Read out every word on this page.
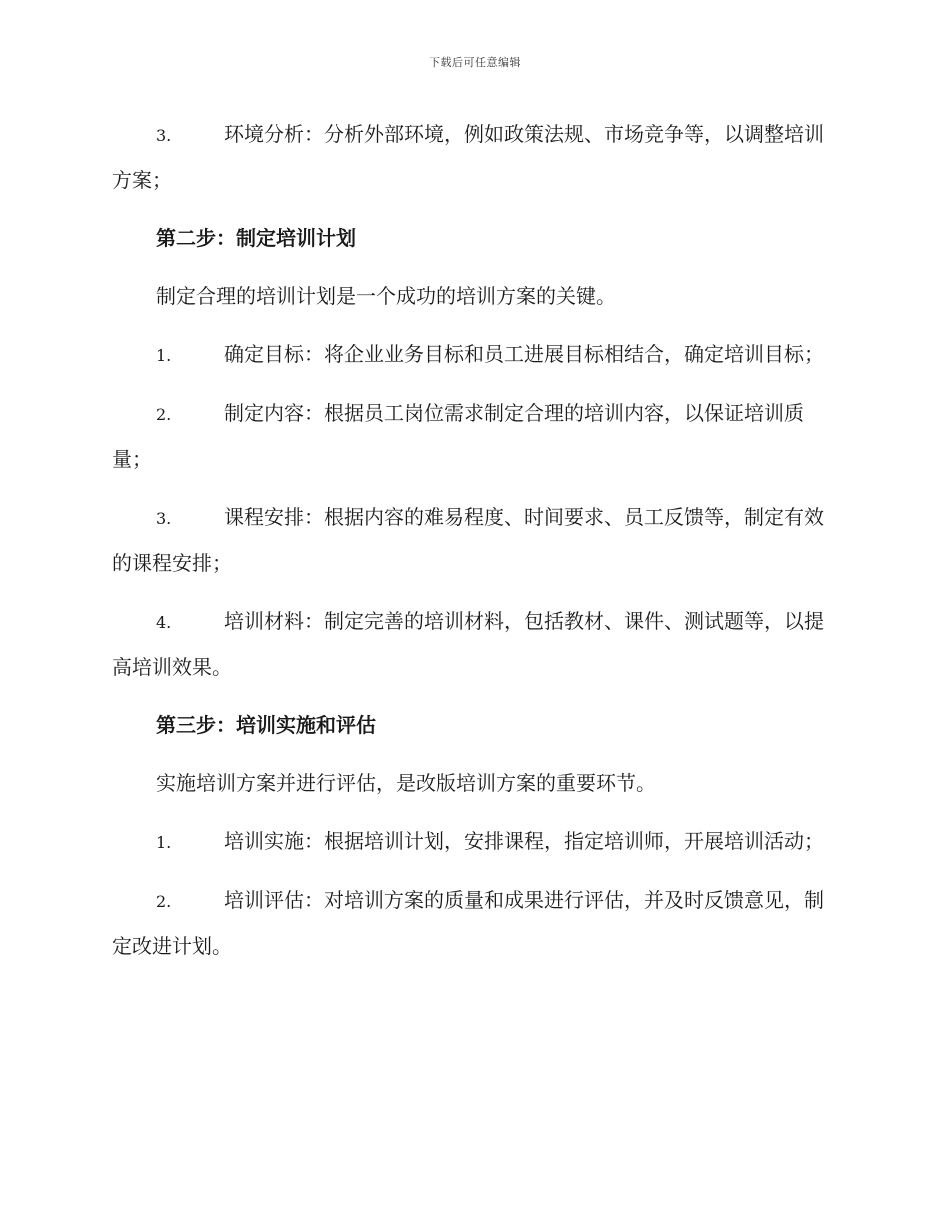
下载后可任意编辑

3.	环境分析：分析外部环境，例如政策法规、市场竞争等，以调整培训方案；

第二步：制定培训计划

制定合理的培训计划是一个成功的培训方案的关键。

1.	确定目标：将企业业务目标和员工进展目标相结合，确定培训目标；

2.	制定内容：根据员工岗位需求制定合理的培训内容，以保证培训质量；

3.	课程安排：根据内容的难易程度、时间要求、员工反馈等，制定有效的课程安排；

4.	培训材料：制定完善的培训材料，包括教材、课件、测试题等，以提高培训效果。

第三步：培训实施和评估

实施培训方案并进行评估，是改版培训方案的重要环节。

1.	培训实施：根据培训计划，安排课程，指定培训师，开展培训活动；

2.	培训评估：对培训方案的质量和成果进行评估，并及时反馈意见，制定改进计划。
